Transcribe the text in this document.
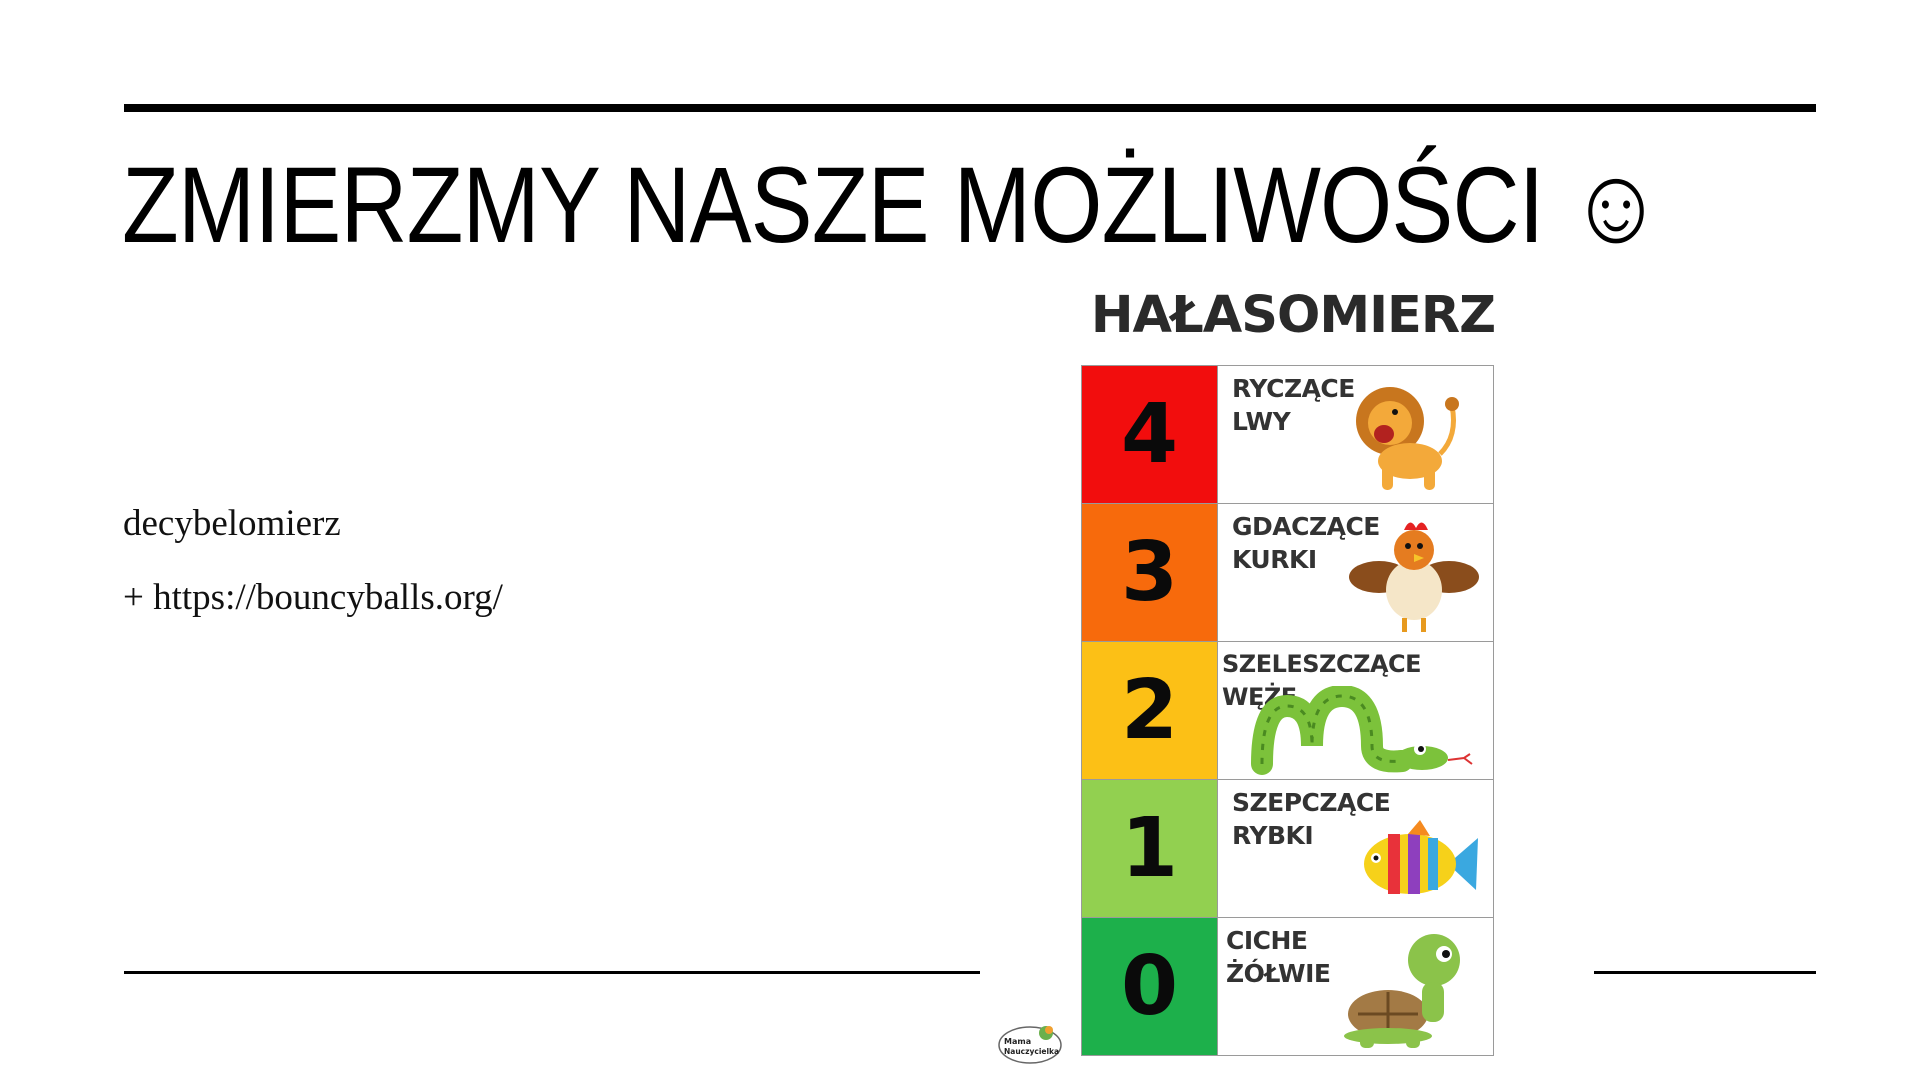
ZMIERZMY NASZE MOŻLIWOŚCI ☺
decybelomierz
+ https://bouncyballs.org/
HAŁASOMIERZ
4	RYCZĄCE
LWY
3	GDACZĄCE
KURKI
2	SZELESZCZĄCE WĘŻE
1	SZEPCZĄCE
RYBKI
0	CICHE
ŻÓŁWIE
Mama
Nauczycielka
